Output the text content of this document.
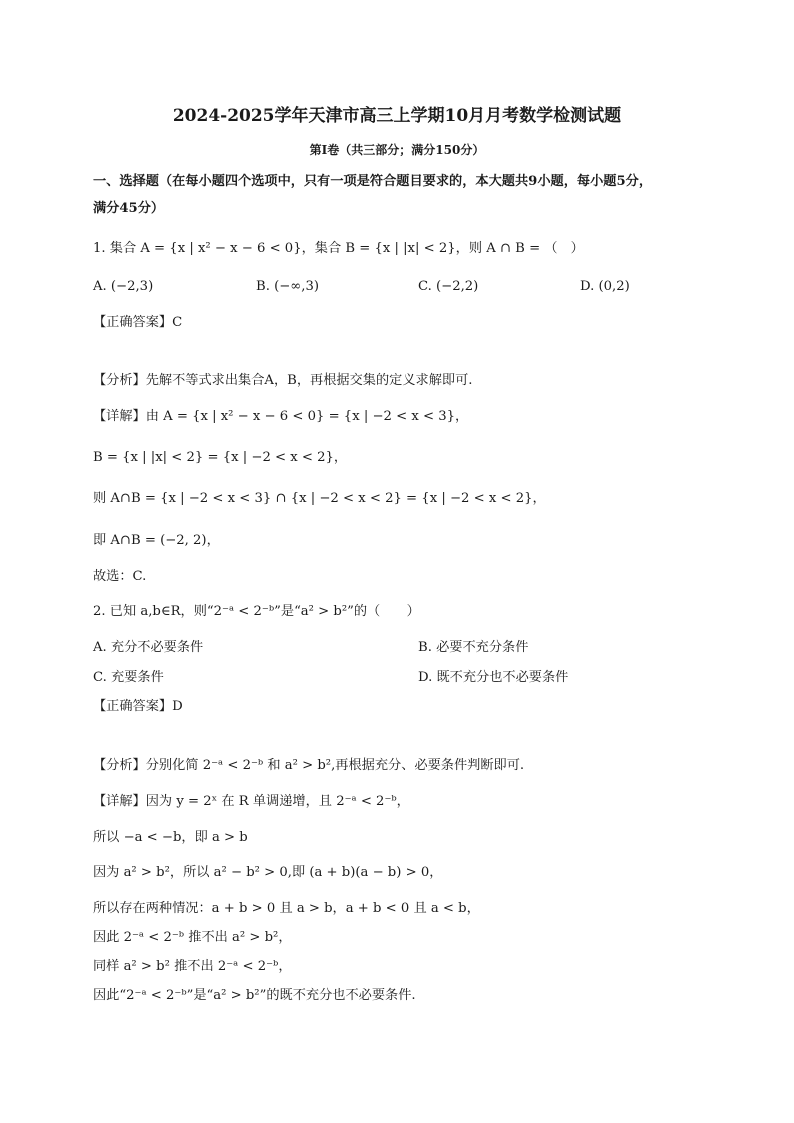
2024-2025学年天津市高三上学期10月月考数学检测试题
第Ⅰ卷（共三部分；满分150分）
一、选择题（在每小题四个选项中，只有一项是符合题目要求的，本大题共9小题，每小题5分，
满分45分）
1. 集合 A = {x | x² − x − 6 < 0}，集合 B = {x | |x| < 2}，则 A ∩ B = （　）
A. (−2,3)	B. (−∞,3)	C. (−2,2)	D. (0,2)
【正确答案】C
【分析】先解不等式求出集合A，B，再根据交集的定义求解即可.
【详解】由 A = {x | x² − x − 6 < 0} = {x | −2 < x < 3}，
B = {x | |x| < 2} = {x | −2 < x < 2}，
则 A∩B = {x | −2 < x < 3} ∩ {x | −2 < x < 2} = {x | −2 < x < 2}，
即 A∩B = (−2, 2)，
故选：C.
2. 已知 a,b∈R，则“2⁻ᵃ < 2⁻ᵇ”是“a² > b²”的（　　）
A. 充分不必要条件	B. 必要不充分条件
C. 充要条件	D. 既不充分也不必要条件
【正确答案】D
【分析】分别化简 2⁻ᵃ < 2⁻ᵇ 和 a² > b²,再根据充分、必要条件判断即可.
【详解】因为 y = 2ˣ 在 R 单调递增，且 2⁻ᵃ < 2⁻ᵇ，
所以 −a < −b，即 a > b
因为 a² > b²，所以 a² − b² > 0,即 (a + b)(a − b) > 0，
所以存在两种情况：a + b > 0 且 a > b，a + b < 0 且 a < b，
因此 2⁻ᵃ < 2⁻ᵇ 推不出 a² > b²，
同样 a² > b² 推不出 2⁻ᵃ < 2⁻ᵇ，
因此“2⁻ᵃ < 2⁻ᵇ”是“a² > b²”的既不充分也不必要条件.
